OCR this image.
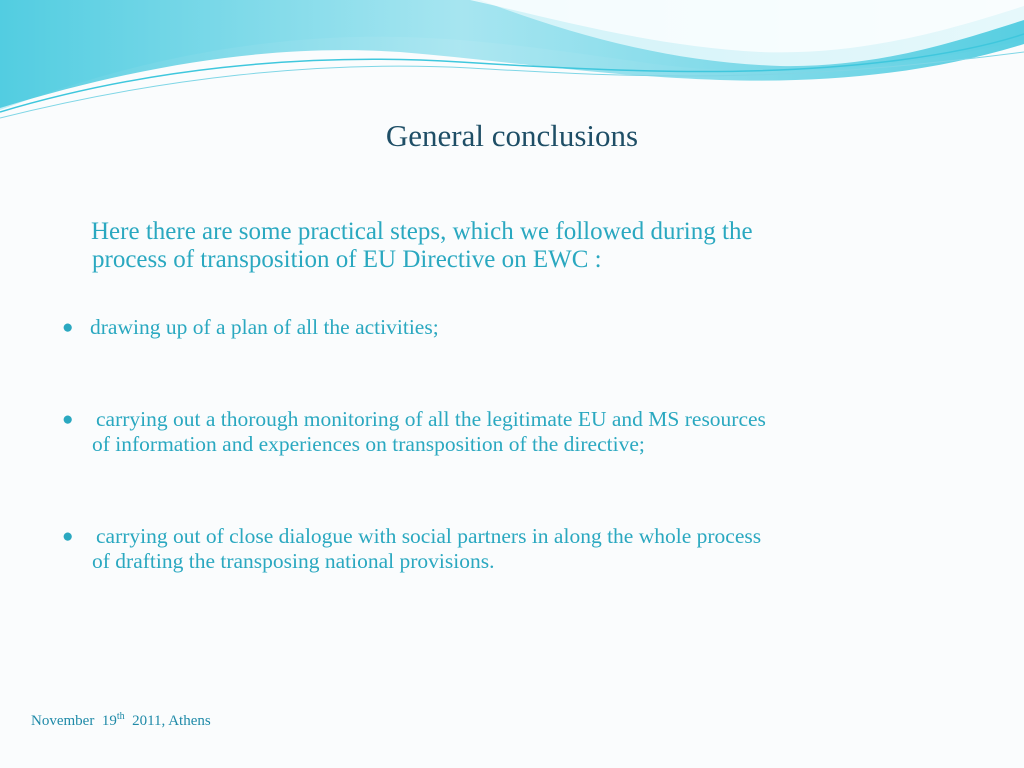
General conclusions
Here there are some practical steps, which we followed during the
process of transposition of EU Directive on EWC :
● drawing up of a plan of all the activities;
● carrying out a thorough monitoring of all the legitimate EU and MS resources
of information and experiences on transposition of the directive;
● carrying out of close dialogue with social partners in along the whole process
of drafting the transposing national provisions.
November 19th 2011, Athens
